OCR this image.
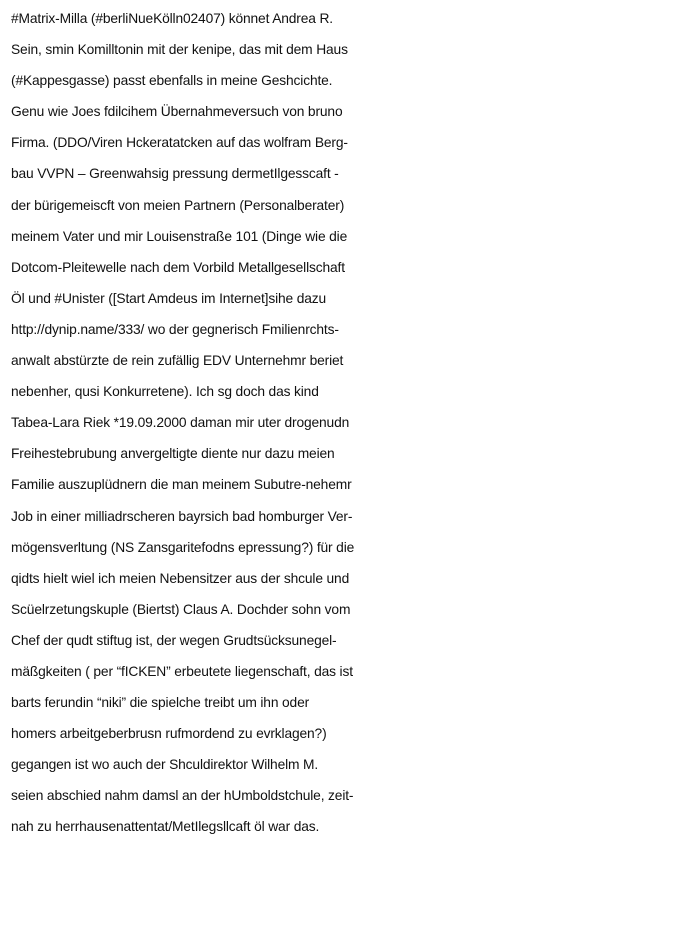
#Matrix-Milla (#berliNueKölln02407) könnet Andrea R.
Sein, smin Komilltonin mit der kenipe, das mit dem Haus
(#Kappesgasse) passt ebenfalls in meine Geshcichte.
Genu wie Joes fdilcihem Übernahmeversuch von bruno
Firma. (DDO/Viren Hckeratatcken auf das wolfram Berg-
bau VVPN – Greenwahsig pressung dermetIlgesscaft -
der bürigemeiscft von meien Partnern (Personalberater)
meinem Vater und mir Louisenstraße 101 (Dinge wie die
Dotcom-Pleitewelle nach dem Vorbild Metallgesellschaft
Öl und #Unister ([Start Amdeus im Internet]sihe dazu
http://dynip.name/333/ wo der gegnerisch Fmilienrchts-
anwalt abstürzte de rein zufällig EDV Unternehmr beriet
nebenher, qusi Konkurretene). Ich sg doch das kind
Tabea-Lara Riek *19.09.2000 daman mir uter drogenudn
Freihestebrubung anvergeltigte diente nur dazu meien
Familie auszuplüdnern die man meinem Subutre-nehemr
Job in einer milliadrscheren bayrsich bad homburger Ver-
mögensverltung (NS Zansgaritefodns epressung?) für die
qidts hielt wiel ich meien Nebensitzer aus der shcule und
Scüelrzetungskuple (Biertst) Claus A. Dochder sohn vom
Chef der qudt stiftug ist, der wegen Grudtsücksunegel-
mäßgkeiten ( per “fICKEN” erbeutete liegenschaft, das ist
barts ferundin “niki” die spielche treibt um ihn oder
homers arbeitgeberbrusn rufmordend zu evrklagen?)
gegangen ist wo auch der Shculdirektor Wilhelm M.
seien abschied nahm damsl an der hUmboldstchule, zeit-
nah zu herrhausenattentat/MetIlegsllcaft öl war das.
